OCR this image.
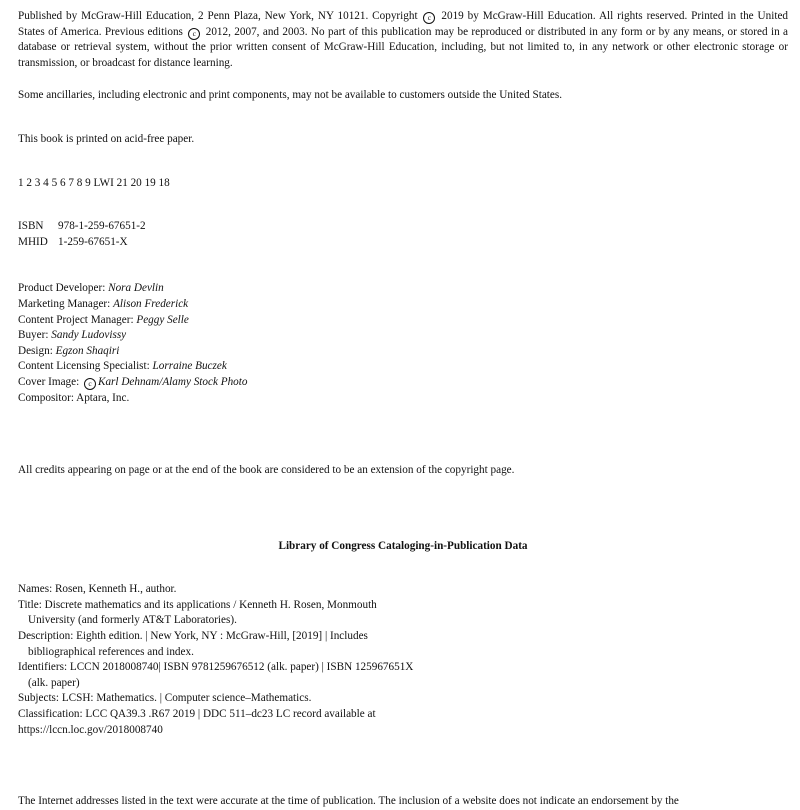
Published by McGraw-Hill Education, 2 Penn Plaza, New York, NY 10121. Copyright c 2019 by McGraw-Hill Education. All rights reserved. Printed in the United States of America. Previous editions c 2012, 2007, and 2003. No part of this publication may be reproduced or distributed in any form or by any means, or stored in a database or retrieval system, without the prior written consent of McGraw-Hill Education, including, but not limited to, in any network or other electronic storage or transmission, or broadcast for distance learning.

Some ancillaries, including electronic and print components, may not be available to customers outside the United States.

This book is printed on acid-free paper.

1 2 3 4 5 6 7 8 9 LWI 21 20 19 18

ISBN 978-1-259-67651-2

MHID 1-259-67651-X

Product Developer: Nora Devlin

Marketing Manager: Alison Frederick

Content Project Manager: Peggy Selle

Buyer: Sandy Ludovissy

Design: Egzon Shaqiri

Content Licensing Specialist: Lorraine Buczek

Cover Image: c Karl Dehnam/Alamy Stock Photo

Compositor: Aptara, Inc.

All credits appearing on page or at the end of the book are considered to be an extension of the copyright page.

Library of Congress Cataloging-in-Publication Data

Names: Rosen, Kenneth H., author.

Title: Discrete mathematics and its applications / Kenneth H. Rosen, Monmouth University (and formerly AT&T Laboratories).

Description: Eighth edition. | New York, NY : McGraw-Hill, [2019] | Includes bibliographical references and index.

Identifiers: LCCN 2018008740| ISBN 9781259676512 (alk. paper) | ISBN 125967651X (alk. paper)

Subjects: LCSH: Mathematics. | Computer science–Mathematics.

Classification: LCC QA39.3 .R67 2019 | DDC 511–dc23 LC record available at

https://lccn.loc.gov/2018008740

The Internet addresses listed in the text were accurate at the time of publication. The inclusion of a website does not indicate an endorsement by the
